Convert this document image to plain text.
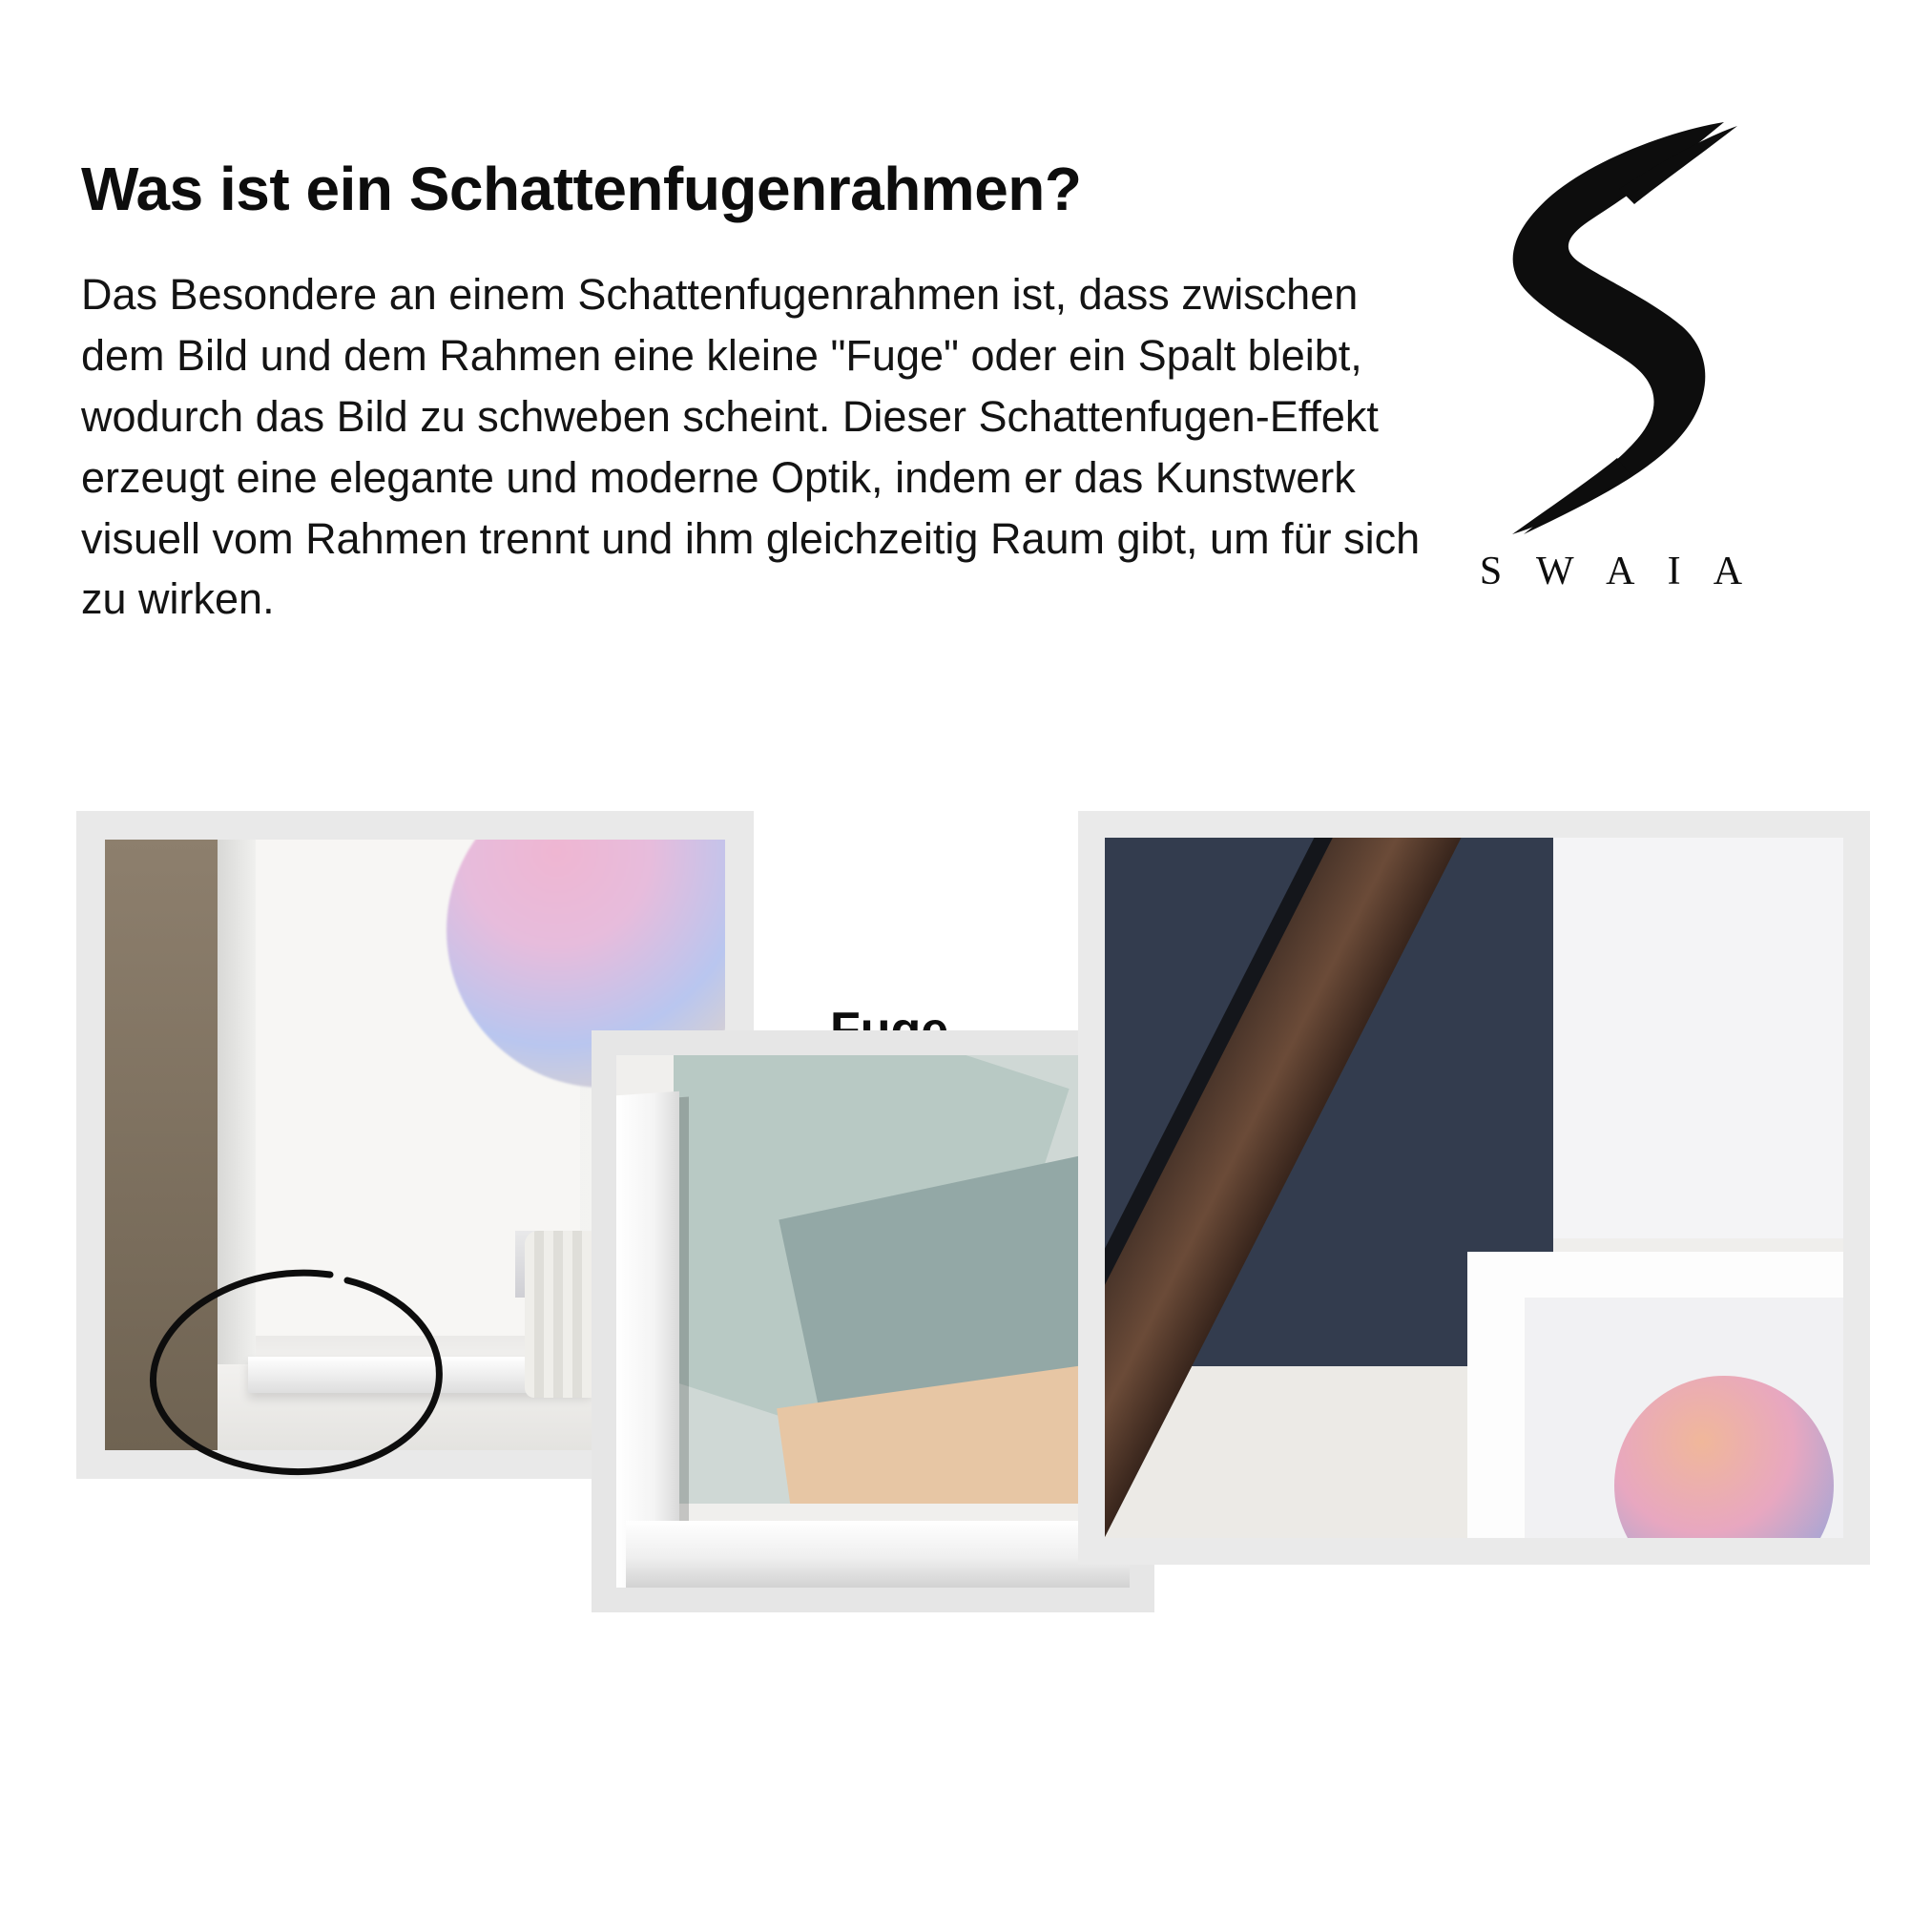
Was ist ein Schattenfugenrahmen?

Das Besondere an einem Schattenfugenrahmen ist, dass zwischen dem Bild und dem Rahmen eine kleine "Fuge" oder ein Spalt bleibt, wodurch das Bild zu schweben scheint. Dieser Schattenfugen-Effekt erzeugt eine elegante und moderne Optik, indem er das Kunstwerk visuell vom Rahmen trennt und ihm gleichzeitig Raum gibt, um für sich zu wirken.

S W A I A
